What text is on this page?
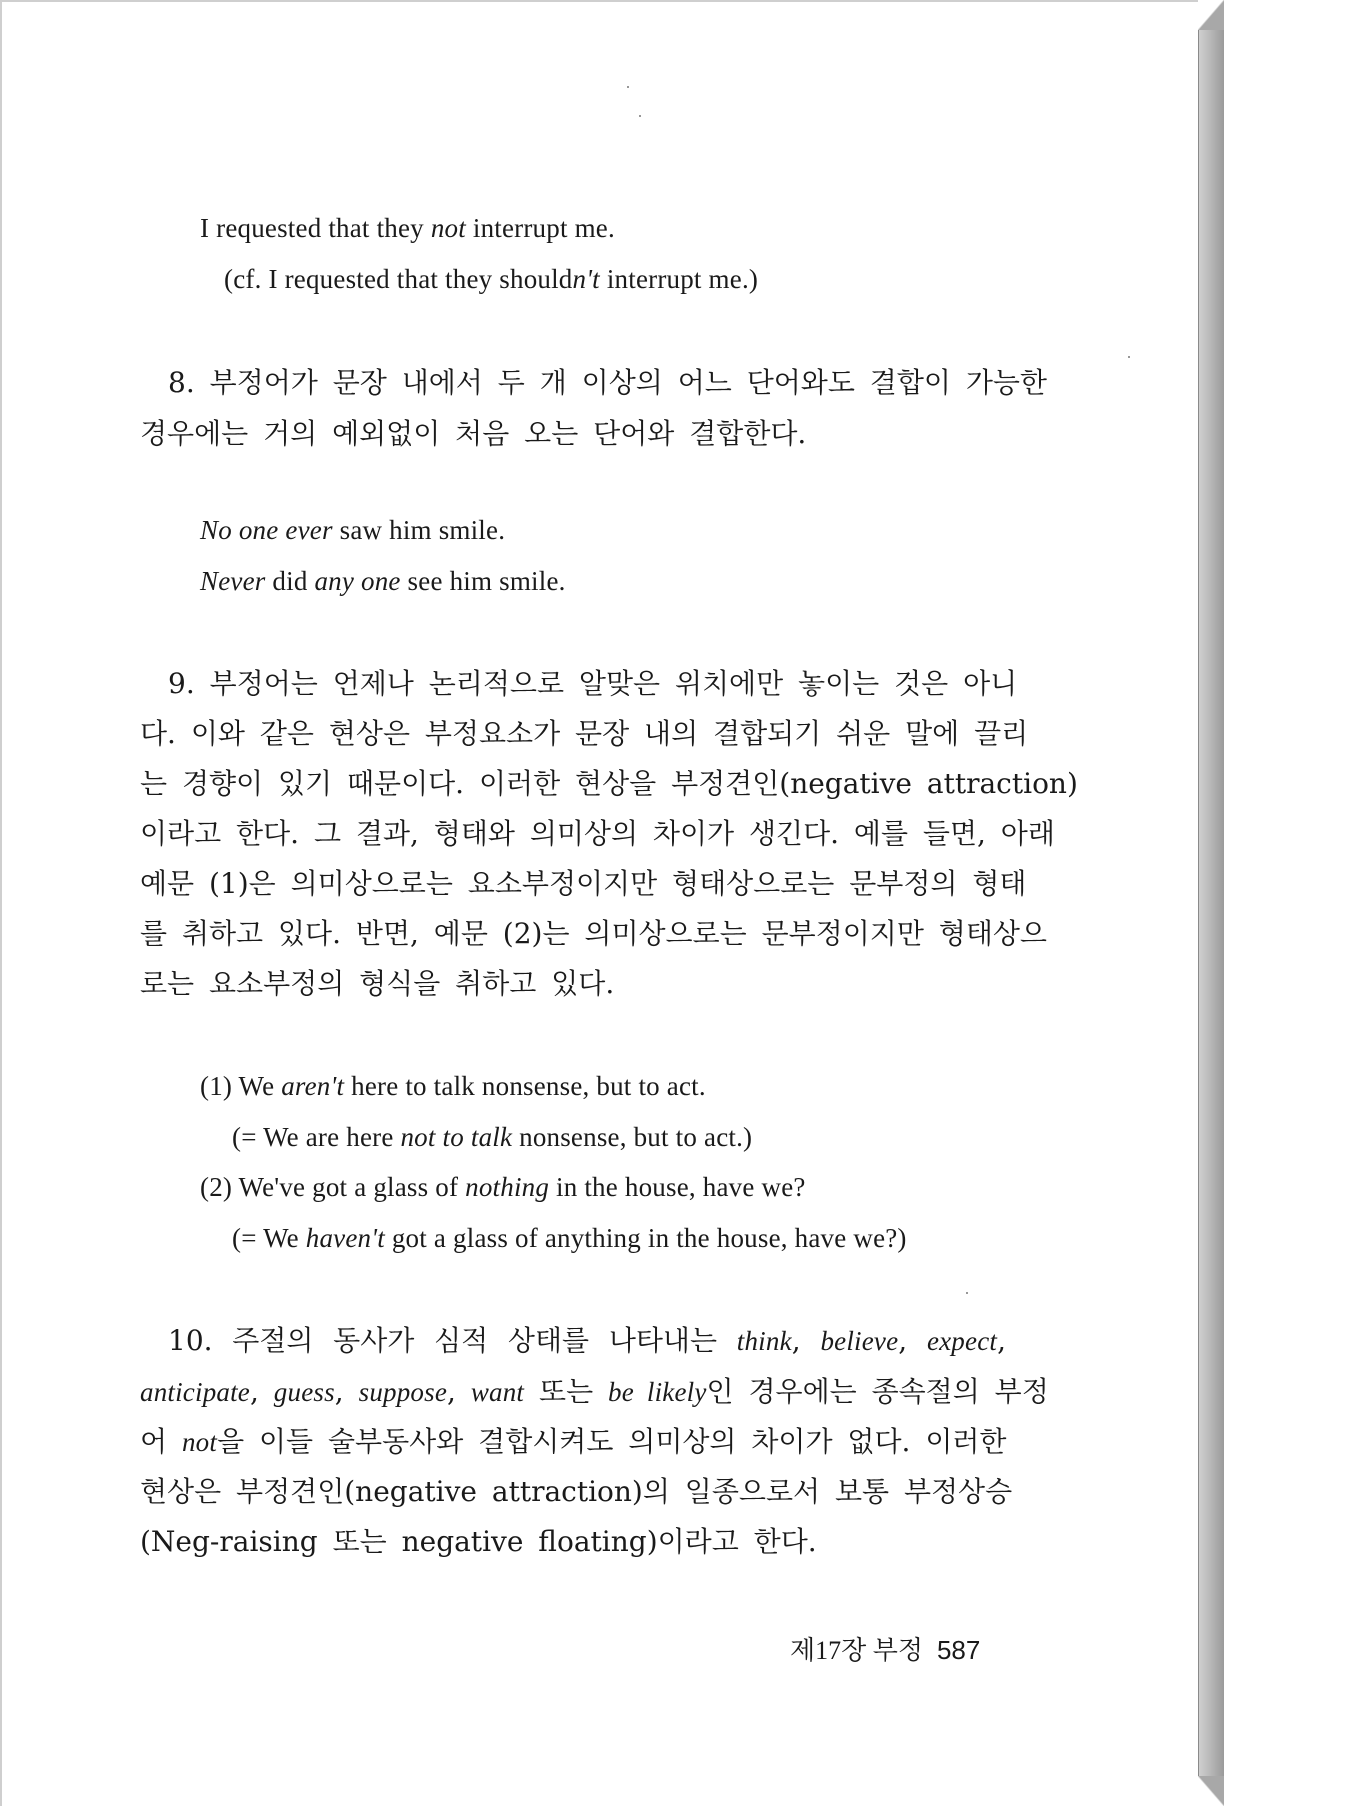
I requested that they not interrupt me.
(cf. I requested that they shouldn't interrupt me.)
8. 부정어가 문장 내에서 두 개 이상의 어느 단어와도 결합이 가능한
경우에는 거의 예외없이 처음 오는 단어와 결합한다.
No one ever saw him smile.
Never did any one see him smile.
9. 부정어는 언제나 논리적으로 알맞은 위치에만 놓이는 것은 아니
다. 이와 같은 현상은 부정요소가 문장 내의 결합되기 쉬운 말에 끌리
는 경향이 있기 때문이다. 이러한 현상을 부정견인(negative attraction)
이라고 한다. 그 결과, 형태와 의미상의 차이가 생긴다. 예를 들면, 아래
예문 (1)은 의미상으로는 요소부정이지만 형태상으로는 문부정의 형태
를 취하고 있다. 반면, 예문 (2)는 의미상으로는 문부정이지만 형태상으
로는 요소부정의 형식을 취하고 있다.
(1) We aren't here to talk nonsense, but to act.
(= We are here not to talk nonsense, but to act.)
(2) We've got a glass of nothing in the house, have we?
(= We haven't got a glass of anything in the house, have we?)
10. 주절의 동사가 심적 상태를 나타내는 think, believe, expect,
anticipate, guess, suppose, want 또는 be likely인 경우에는 종속절의 부정
어 not을 이들 술부동사와 결합시켜도 의미상의 차이가 없다. 이러한
현상은 부정견인(negative attraction)의 일종으로서 보통 부정상승
(Neg-raising 또는 negative floating)이라고 한다.
제17장 부정 587
